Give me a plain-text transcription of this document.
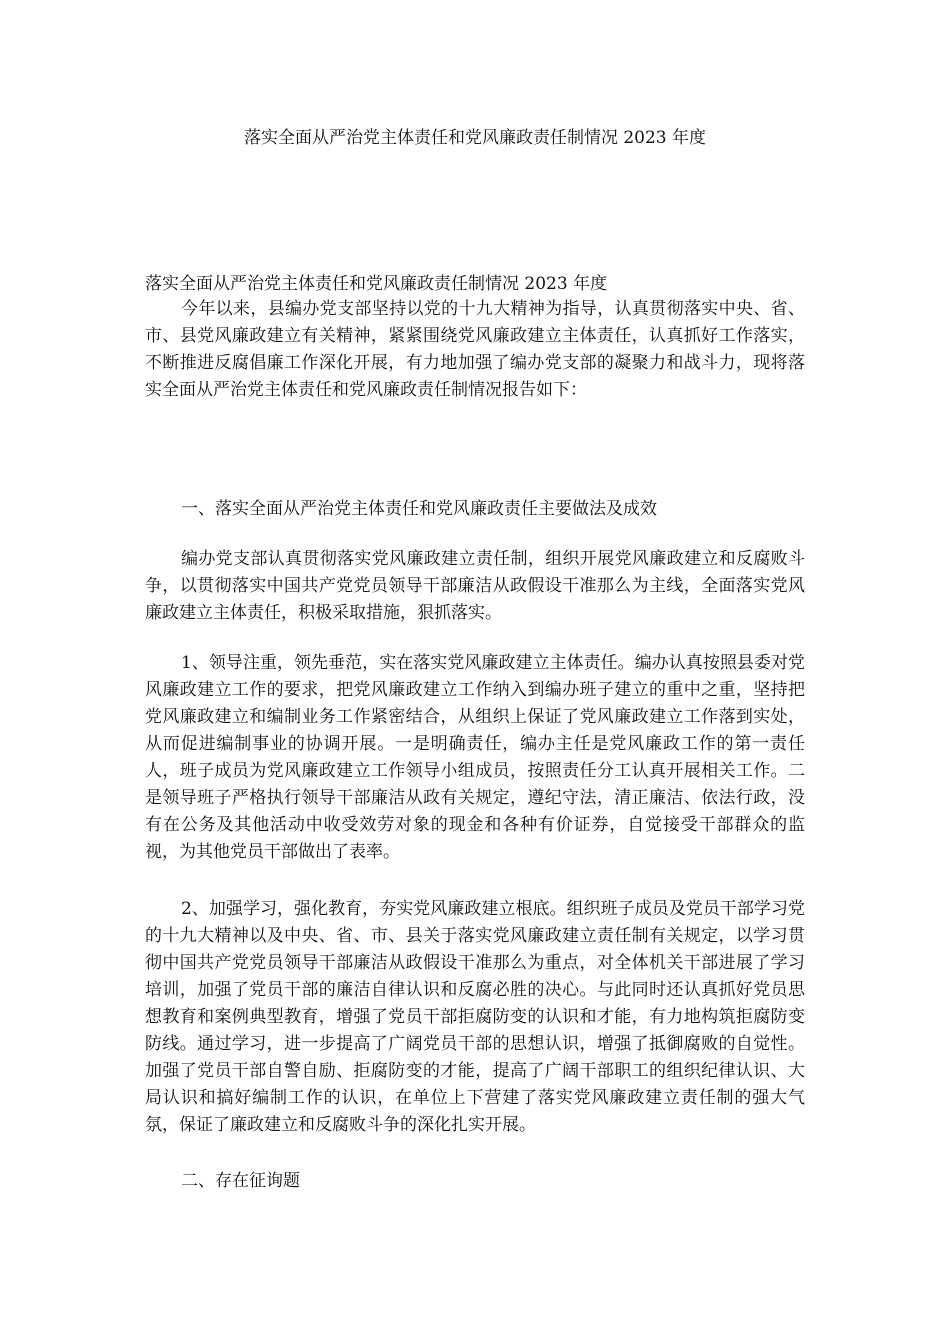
落实全面从严治党主体责任和党风廉政责任制情况 2023 年度

落实全面从严治党主体责任和党风廉政责任制情况 2023 年度

今年以来，县编办党支部坚持以党的十九大精神为指导，认真贯彻落实中央、省、市、县党风廉政建立有关精神，紧紧围绕党风廉政建立主体责任，认真抓好工作落实，不断推进反腐倡廉工作深化开展，有力地加强了编办党支部的凝聚力和战斗力，现将落实全面从严治党主体责任和党风廉政责任制情况报告如下：

一、落实全面从严治党主体责任和党风廉政责任主要做法及成效

编办党支部认真贯彻落实党风廉政建立责任制，组织开展党风廉政建立和反腐败斗争，以贯彻落实中国共产党党员领导干部廉洁从政假设干准那么为主线，全面落实党风廉政建立主体责任，积极采取措施，狠抓落实。

1、领导注重，领先垂范，实在落实党风廉政建立主体责任。编办认真按照县委对党风廉政建立工作的要求，把党风廉政建立工作纳入到编办班子建立的重中之重，坚持把党风廉政建立和编制业务工作紧密结合，从组织上保证了党风廉政建立工作落到实处，从而促进编制事业的协调开展。一是明确责任，编办主任是党风廉政工作的第一责任人，班子成员为党风廉政建立工作领导小组成员，按照责任分工认真开展相关工作。二是领导班子严格执行领导干部廉洁从政有关规定，遵纪守法，清正廉洁、依法行政，没有在公务及其他活动中收受效劳对象的现金和各种有价证券，自觉接受干部群众的监视，为其他党员干部做出了表率。

2、加强学习，强化教育，夯实党风廉政建立根底。组织班子成员及党员干部学习党的十九大精神以及中央、省、市、县关于落实党风廉政建立责任制有关规定，以学习贯彻中国共产党党员领导干部廉洁从政假设干准那么为重点，对全体机关干部进展了学习培训，加强了党员干部的廉洁自律认识和反腐必胜的决心。与此同时还认真抓好党员思想教育和案例典型教育，增强了党员干部拒腐防变的认识和才能，有力地构筑拒腐防变防线。通过学习，进一步提高了广阔党员干部的思想认识，增强了抵御腐败的自觉性。加强了党员干部自警自励、拒腐防变的才能，提高了广阔干部职工的组织纪律认识、大局认识和搞好编制工作的认识，在单位上下营建了落实党风廉政建立责任制的强大气氛，保证了廉政建立和反腐败斗争的深化扎实开展。

二、存在征询题
